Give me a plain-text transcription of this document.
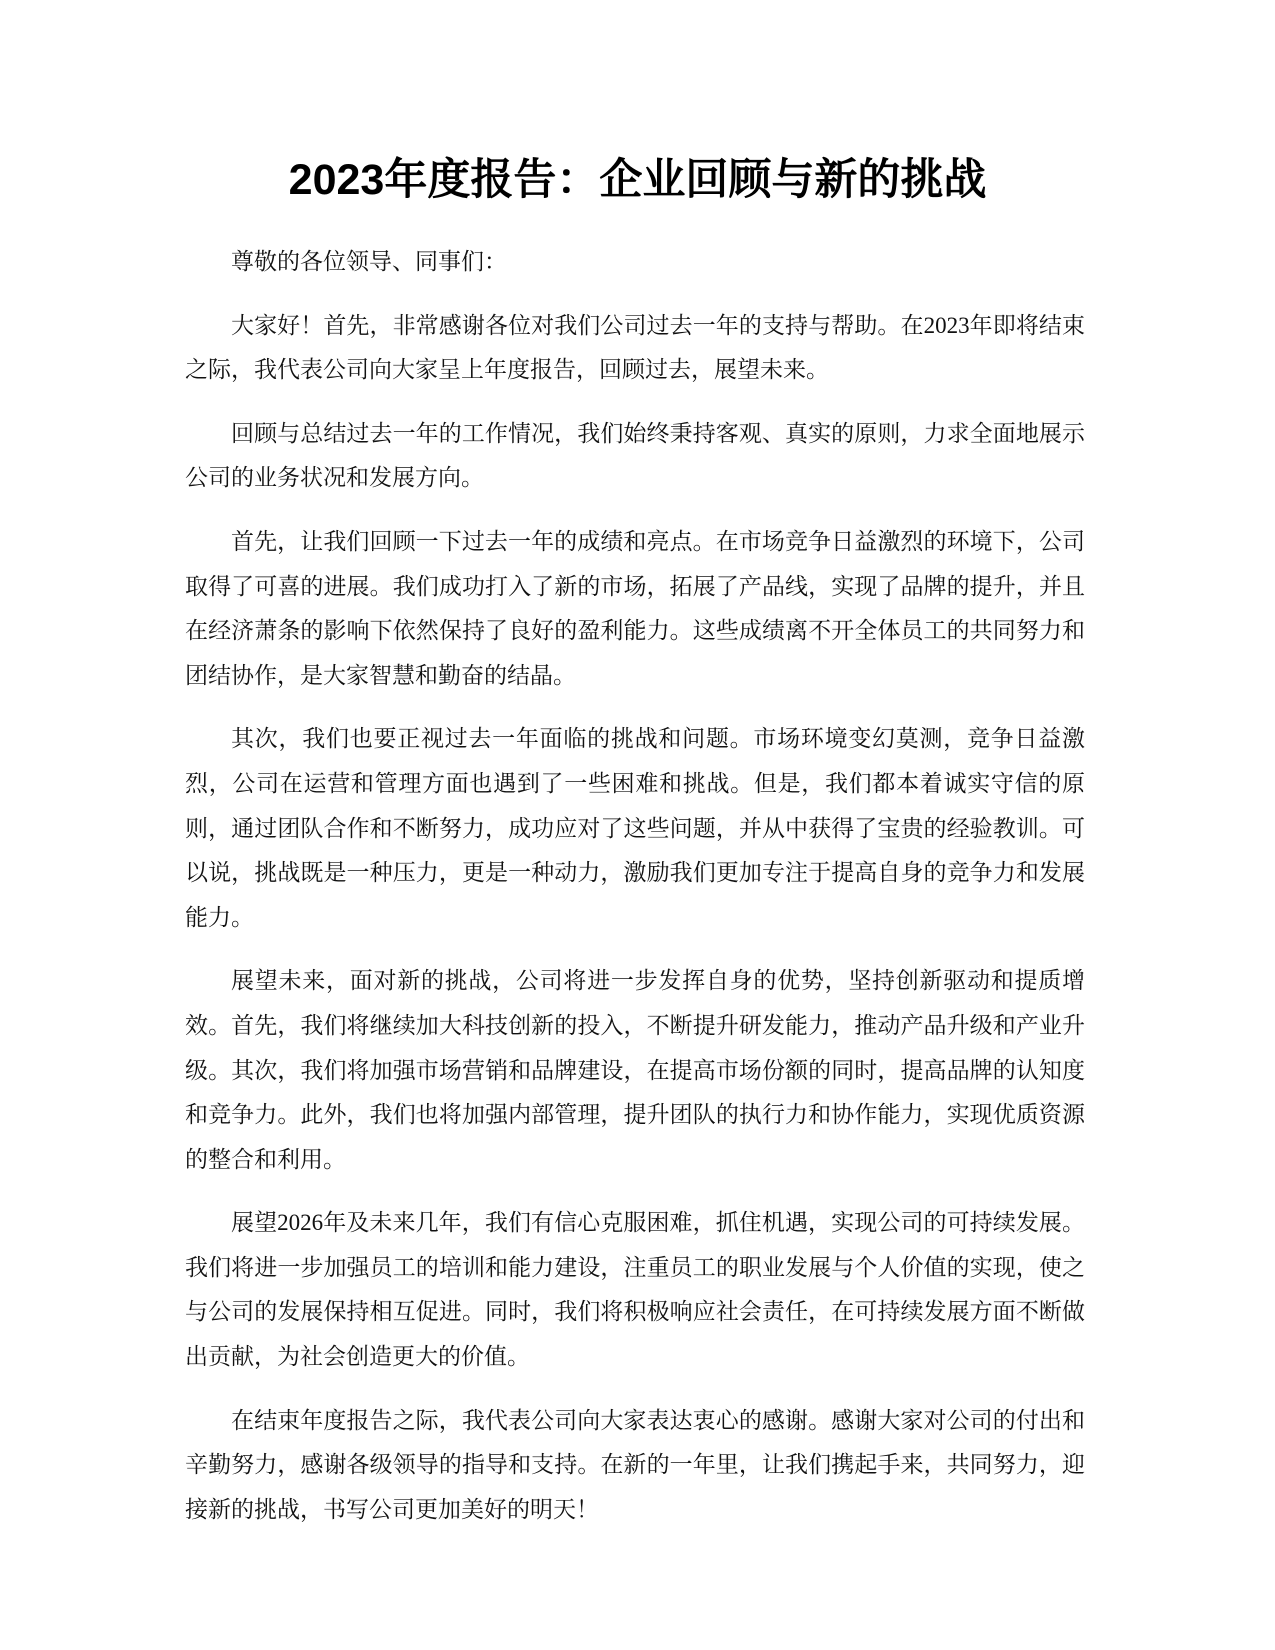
2023年度报告：企业回顾与新的挑战

尊敬的各位领导、同事们：

大家好！首先，非常感谢各位对我们公司过去一年的支持与帮助。在2023年即将结束之际，我代表公司向大家呈上年度报告，回顾过去，展望未来。

回顾与总结过去一年的工作情况，我们始终秉持客观、真实的原则，力求全面地展示公司的业务状况和发展方向。

首先，让我们回顾一下过去一年的成绩和亮点。在市场竞争日益激烈的环境下，公司取得了可喜的进展。我们成功打入了新的市场，拓展了产品线，实现了品牌的提升，并且在经济萧条的影响下依然保持了良好的盈利能力。这些成绩离不开全体员工的共同努力和团结协作，是大家智慧和勤奋的结晶。

其次，我们也要正视过去一年面临的挑战和问题。市场环境变幻莫测，竞争日益激烈，公司在运营和管理方面也遇到了一些困难和挑战。但是，我们都本着诚实守信的原则，通过团队合作和不断努力，成功应对了这些问题，并从中获得了宝贵的经验教训。可以说，挑战既是一种压力，更是一种动力，激励我们更加专注于提高自身的竞争力和发展能力。

展望未来，面对新的挑战，公司将进一步发挥自身的优势，坚持创新驱动和提质增效。首先，我们将继续加大科技创新的投入，不断提升研发能力，推动产品升级和产业升级。其次，我们将加强市场营销和品牌建设，在提高市场份额的同时，提高品牌的认知度和竞争力。此外，我们也将加强内部管理，提升团队的执行力和协作能力，实现优质资源的整合和利用。

展望2026年及未来几年，我们有信心克服困难，抓住机遇，实现公司的可持续发展。我们将进一步加强员工的培训和能力建设，注重员工的职业发展与个人价值的实现，使之与公司的发展保持相互促进。同时，我们将积极响应社会责任，在可持续发展方面不断做出贡献，为社会创造更大的价值。

在结束年度报告之际，我代表公司向大家表达衷心的感谢。感谢大家对公司的付出和辛勤努力，感谢各级领导的指导和支持。在新的一年里，让我们携起手来，共同努力，迎接新的挑战，书写公司更加美好的明天！
